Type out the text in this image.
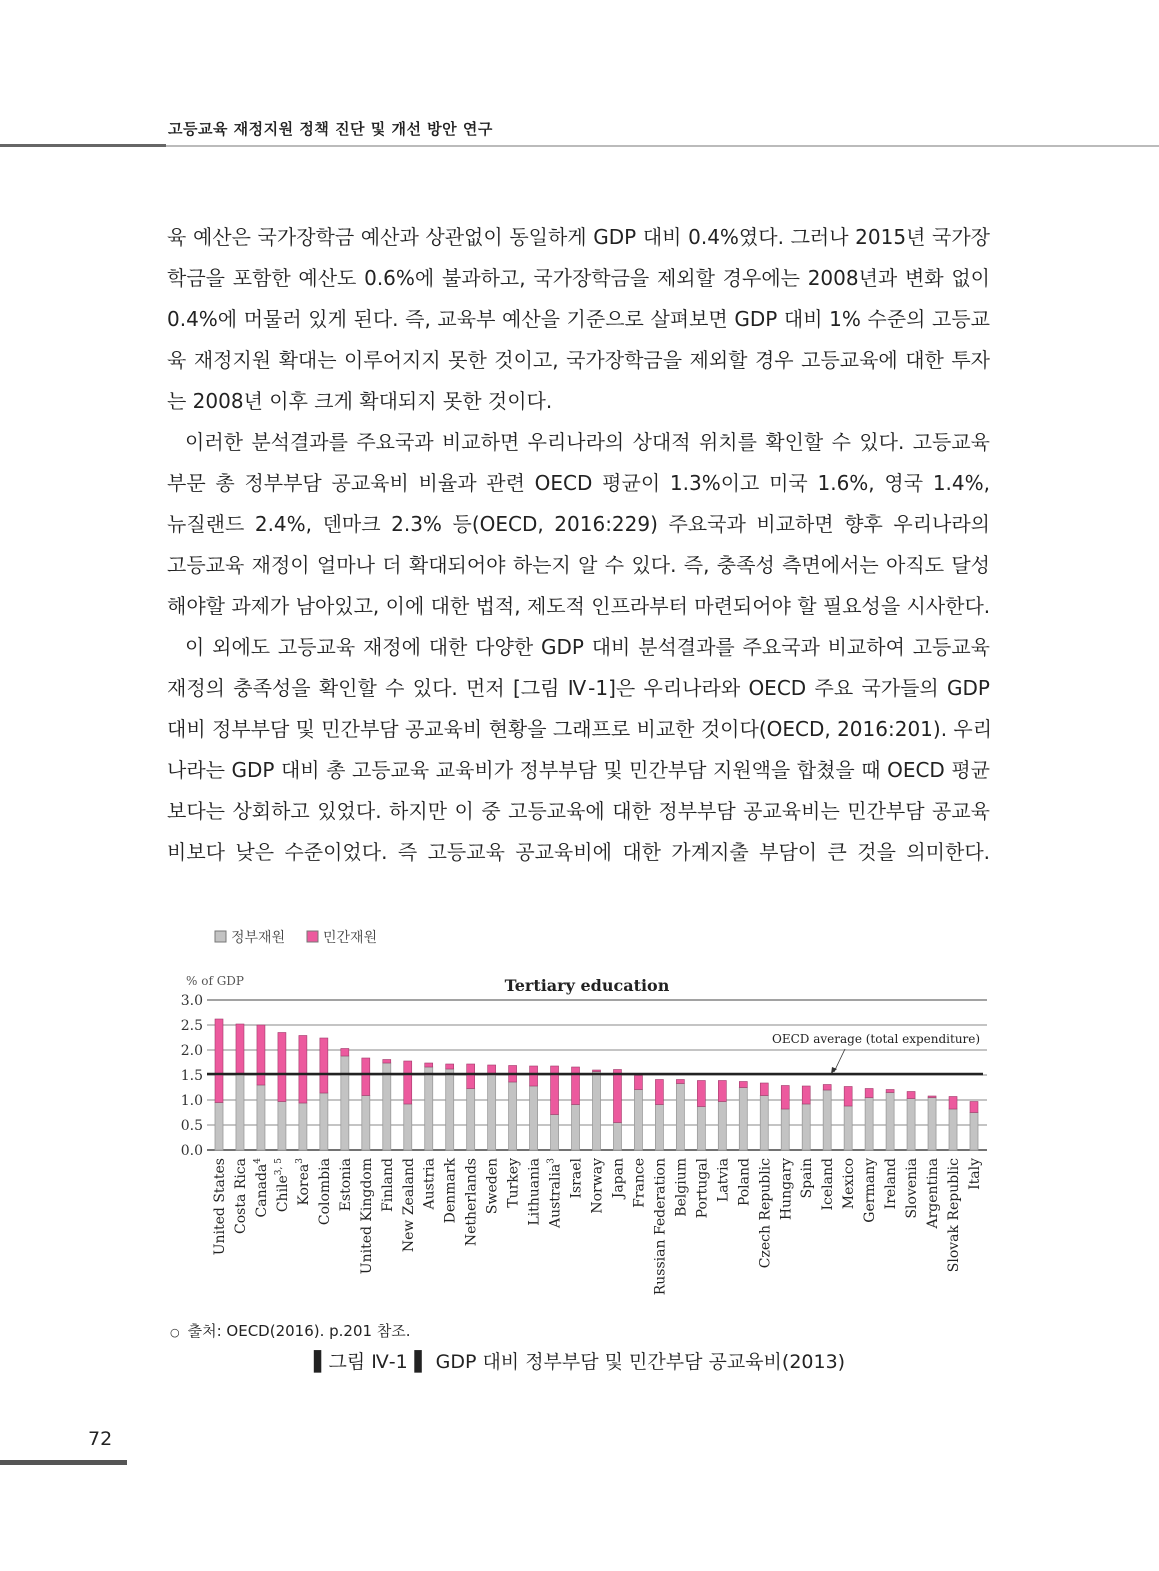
고등교육 재정지원 정책 진단 및 개선 방안 연구
육 예산은 국가장학금 예산과 상관없이 동일하게 GDP 대비 0.4%였다. 그러나 2015년 국가장
학금을 포함한 예산도 0.6%에 불과하고, 국가장학금을 제외할 경우에는 2008년과 변화 없이
0.4%에 머물러 있게 된다. 즉, 교육부 예산을 기준으로 살펴보면 GDP 대비 1% 수준의 고등교
육 재정지원 확대는 이루어지지 못한 것이고, 국가장학금을 제외할 경우 고등교육에 대한 투자
는 2008년 이후 크게 확대되지 못한 것이다.
이러한 분석결과를 주요국과 비교하면 우리나라의 상대적 위치를 확인할 수 있다. 고등교육
부문 총 정부부담 공교육비 비율과 관련 OECD 평균이 1.3%이고 미국 1.6%, 영국 1.4%,
뉴질랜드 2.4%, 덴마크 2.3% 등(OECD, 2016:229) 주요국과 비교하면 향후 우리나라의
고등교육 재정이 얼마나 더 확대되어야 하는지 알 수 있다. 즉, 충족성 측면에서는 아직도 달성
해야할 과제가 남아있고, 이에 대한 법적, 제도적 인프라부터 마련되어야 할 필요성을 시사한다.
이 외에도 고등교육 재정에 대한 다양한 GDP 대비 분석결과를 주요국과 비교하여 고등교육
재정의 충족성을 확인할 수 있다. 먼저 [그림 Ⅳ-1]은 우리나라와 OECD 주요 국가들의 GDP
대비 정부부담 및 민간부담 공교육비 현황을 그래프로 비교한 것이다(OECD, 2016:201). 우리
나라는 GDP 대비 총 고등교육 교육비가 정부부담 및 민간부담 지원액을 합쳤을 때 OECD 평균
보다는 상회하고 있었다. 하지만 이 중 고등교육에 대한 정부부담 공교육비는 민간부담 공교육
비보다 낮은 수준이었다. 즉 고등교육 공교육비에 대한 가계지출 부담이 큰 것을 의미한다.
정부재원	민간재원
% of GDP	Tertiary education
0.0
0.5
1.0
1.5
2.0
2.5
3.0
United States Costa Rica Canada$^4$
Chile$^{3, 5}$ Korea$^3$ Colombia Estonia United Kingdom Finland New Zealand Austria Denmark Netherlands Sweden Turkey Lithuania Australia$^3$ Israel Norway Japan France Russian Federation Belgium Portugal Latvia Poland Czech Republic Hungary Spain Iceland Mexico Germany Ireland Slovenia Argentina Slovak Republic Italy
OECD average (total expenditure)
○ 출처: OECD(2016). p.201 참조.
▌그림 Ⅳ-1 ▌ GDP 대비 정부부담 및 민간부담 공교육비(2013)
72
